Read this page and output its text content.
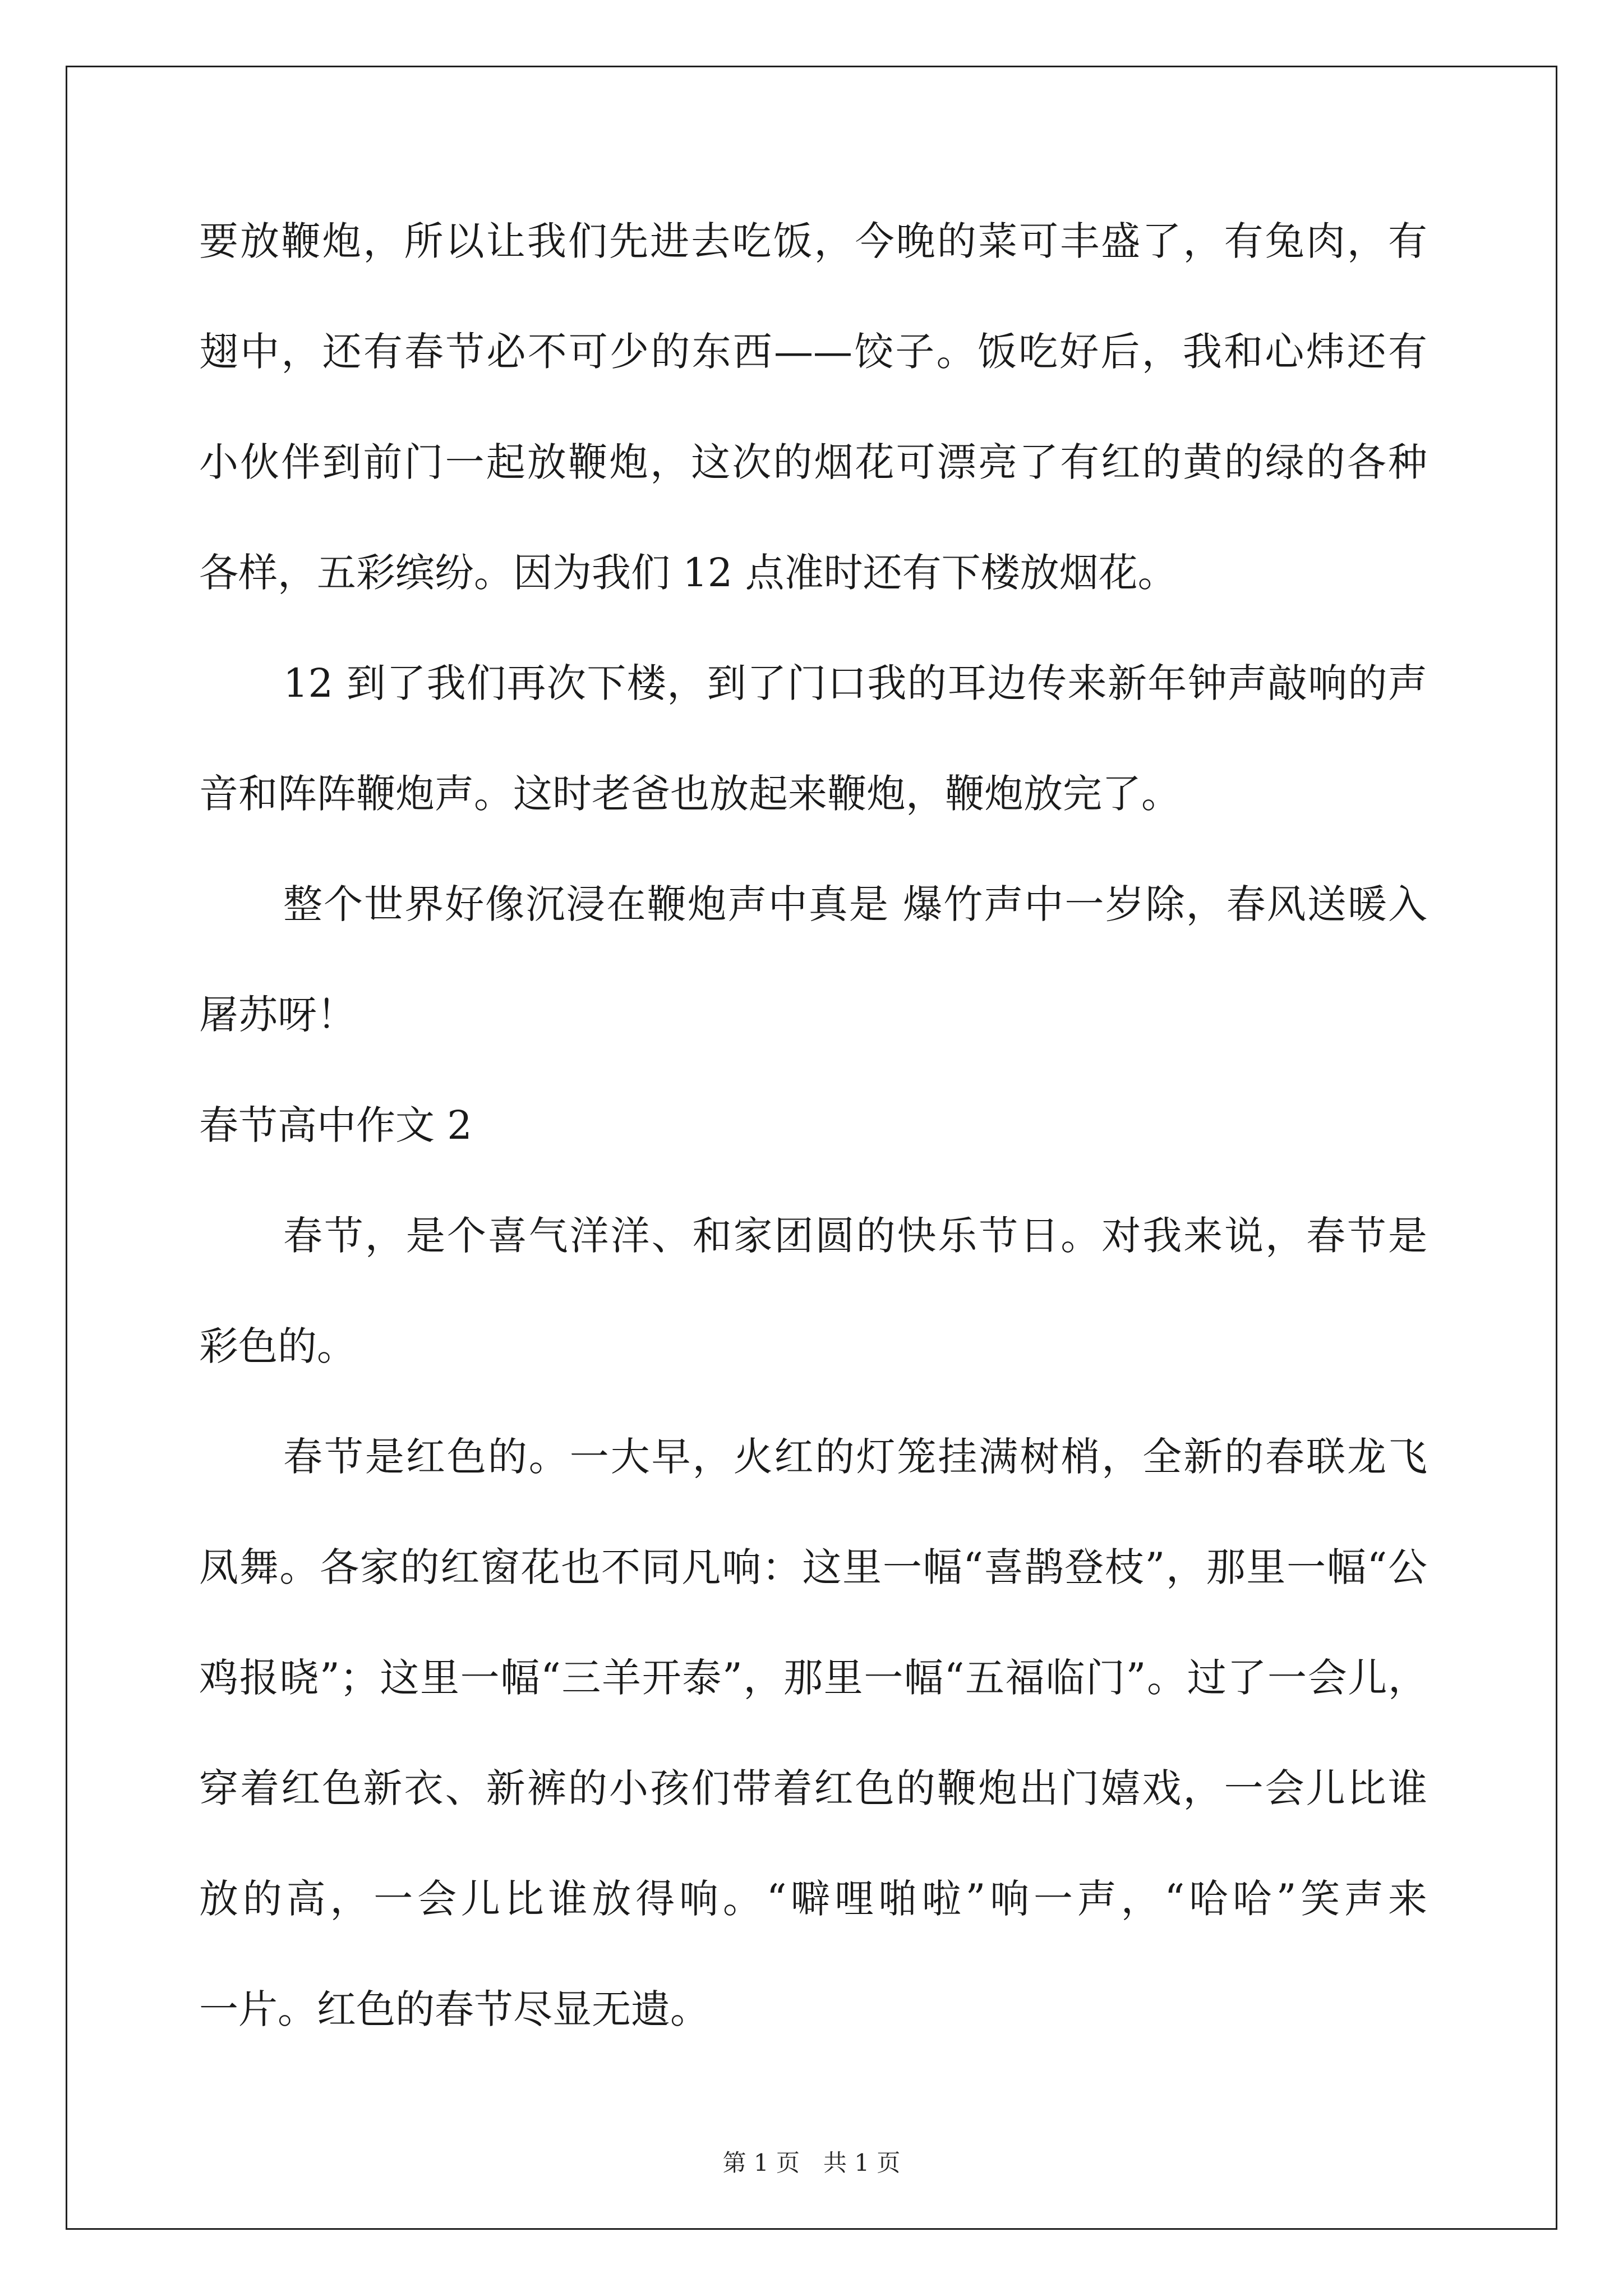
要放鞭炮，所以让我们先进去吃饭，今晚的菜可丰盛了，有兔肉，有
翅中，还有春节必不可少的东西——饺子。饭吃好后，我和心炜还有
小伙伴到前门一起放鞭炮，这次的烟花可漂亮了有红的黄的绿的各种
各样，五彩缤纷。因为我们 12 点准时还有下楼放烟花。
12 到了我们再次下楼，到了门口我的耳边传来新年钟声敲响的声
音和阵阵鞭炮声。这时老爸也放起来鞭炮，鞭炮放完了。
整个世界好像沉浸在鞭炮声中真是 爆竹声中一岁除，春风送暖入
屠苏呀！
春节高中作文 2
春节，是个喜气洋洋、和家团圆的快乐节日。对我来说，春节是
彩色的。
春节是红色的。一大早，火红的灯笼挂满树梢，全新的春联龙飞
凤舞。各家的红窗花也不同凡响：这里一幅“喜鹊登枝”，那里一幅“公
鸡报晓”；这里一幅“三羊开泰”，那里一幅“五福临门”。过了一会儿，
穿着红色新衣、新裤的小孩们带着红色的鞭炮出门嬉戏，一会儿比谁
放的高，一会儿比谁放得响。“噼哩啪啦”响一声，“哈哈”笑声来
一片。红色的春节尽显无遗。
第 1 页　共 1 页
